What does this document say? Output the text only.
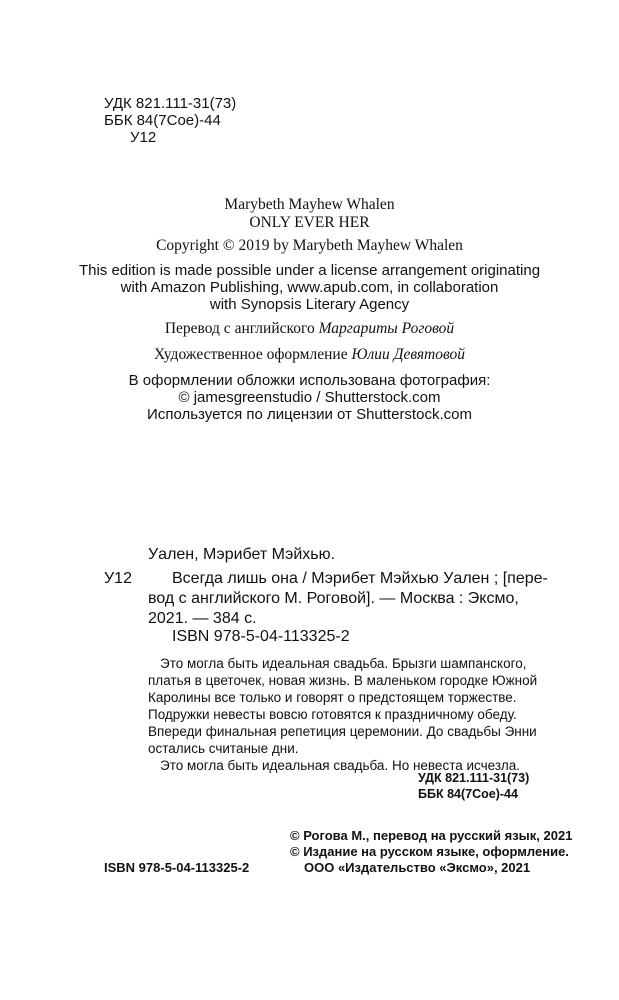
УДК 821.111-31(73)
ББК 84(7Сое)-44
У12
Marybeth Mayhew Whalen
ONLY EVER HER
Copyright © 2019 by Marybeth Mayhew Whalen
This edition is made possible under a license arrangement originating
with Amazon Publishing, www.apub.com, in collaboration
with Synopsis Literary Agency
Перевод с английского Маргариты Роговой
Художественное оформление Юлии Девятовой
В оформлении обложки использована фотография:
© jamesgreenstudio / Shutterstock.com
Используется по лицензии от Shutterstock.com
Уален, Мэрибет Мэйхью.
У12	Всегда лишь она / Мэрибет Мэйхью Уален ; [пере-
вод с английского М. Роговой]. — Москва : Эксмо,
2021. — 384 с.
ISBN 978-5-04-113325-2

Это могла быть идеальная свадьба. Брызги шампанского, платья в цветочек, новая жизнь. В маленьком городке Южной Каролины все только и говорят о предстоящем торжестве. Подружки невесты вовсю готовятся к праздничному обеду. Впереди финальная репетиция церемонии. До свадьбы Энни остались считаные дни.

Это могла быть идеальная свадьба. Но невеста исчезла.

УДК 821.111-31(73)
ББК 84(7Сое)-44
© Рогова М., перевод на русский язык, 2021
© Издание на русском языке, оформление.
ООО «Издательство «Эксмо», 2021
ISBN 978-5-04-113325-2
